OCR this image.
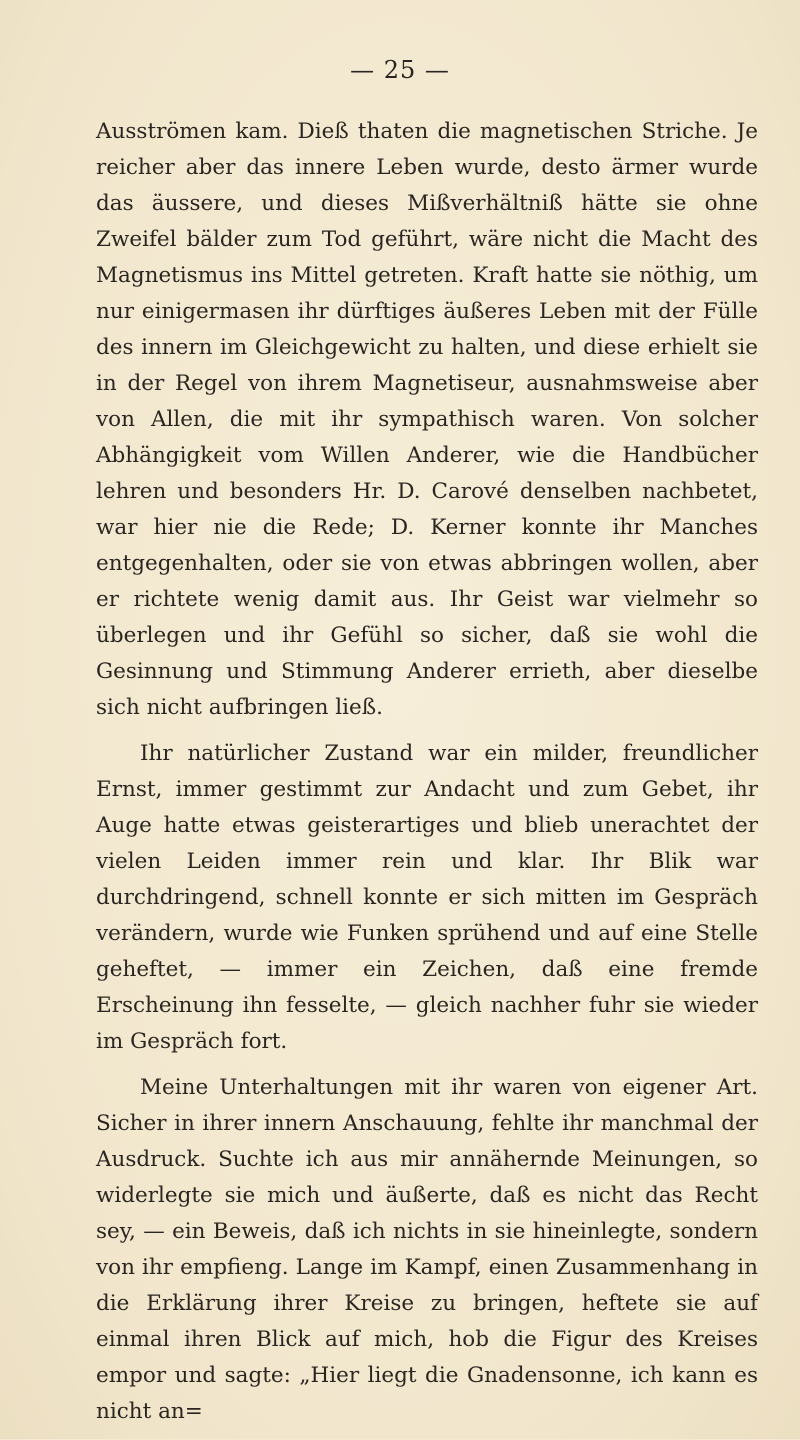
— 25 —

Ausströmen kam. Dieß thaten die magnetischen Striche. Je reicher aber das innere Leben wurde, desto ärmer wurde das äussere, und dieses Mißverhältniß hätte sie ohne Zweifel bälder zum Tod geführt, wäre nicht die Macht des Magnetismus ins Mittel getreten. Kraft hatte sie nöthig, um nur einigermasen ihr dürftiges äußeres Leben mit der Fülle des innern im Gleichgewicht zu halten, und diese erhielt sie in der Regel von ihrem Magnetiseur, ausnahmsweise aber von Allen, die mit ihr sympathisch waren. Von solcher Abhängigkeit vom Willen Anderer, wie die Handbücher lehren und besonders Hr. D. Carové denselben nachbetet, war hier nie die Rede; D. Kerner konnte ihr Manches entgegenhalten, oder sie von etwas abbringen wollen, aber er richtete wenig damit aus. Ihr Geist war vielmehr so überlegen und ihr Gefühl so sicher, daß sie wohl die Gesinnung und Stimmung Anderer errieth, aber dieselbe sich nicht aufbringen ließ.

Ihr natürlicher Zustand war ein milder, freundlicher Ernst, immer gestimmt zur Andacht und zum Gebet, ihr Auge hatte etwas geisterartiges und blieb unerachtet der vielen Leiden immer rein und klar. Ihr Blik war durchdringend, schnell konnte er sich mitten im Gespräch verändern, wurde wie Funken sprühend und auf eine Stelle geheftet, — immer ein Zeichen, daß eine fremde Erscheinung ihn fesselte, — gleich nachher fuhr sie wieder im Gespräch fort.

Meine Unterhaltungen mit ihr waren von eigener Art. Sicher in ihrer innern Anschauung, fehlte ihr manchmal der Ausdruck. Suchte ich aus mir annähernde Meinungen, so widerlegte sie mich und äußerte, daß es nicht das Recht sey, — ein Beweis, daß ich nichts in sie hineinlegte, sondern von ihr empfieng. Lange im Kampf, einen Zusammenhang in die Erklärung ihrer Kreise zu bringen, heftete sie auf einmal ihren Blick auf mich, hob die Figur des Kreises empor und sagte: „Hier liegt die Gnadensonne, ich kann es nicht an=
